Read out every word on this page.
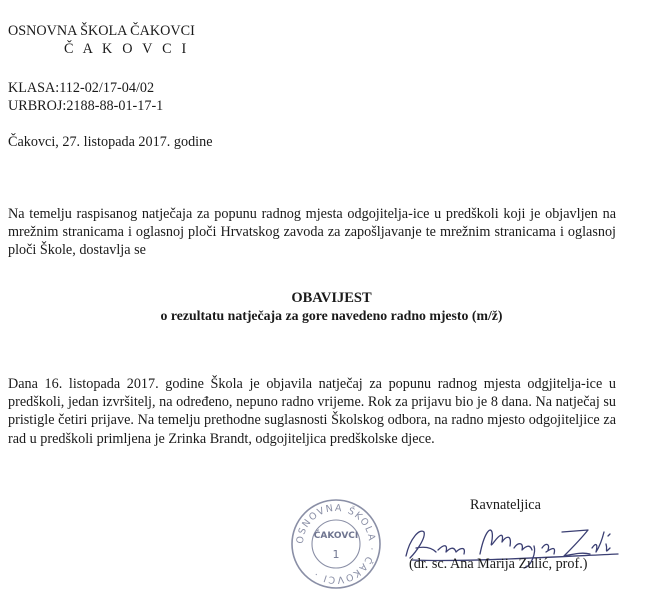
OSNOVNA ŠKOLA ČAKOVCI
Č A K O V C I
KLASA:112-02/17-04/02
URBROJ:2188-88-01-17-1
Čakovci, 27. listopada 2017. godine
Na temelju raspisanog natječaja za popunu radnog mjesta odgojitelja-ice u predškoli koji je objavljen na mrežnim stranicama i oglasnoj ploči Hrvatskog zavoda za zapošljavanje te mrežnim stranicama i oglasnoj ploči Škole, dostavlja se
OBAVIJEST
o rezultatu natječaja za gore navedeno radno mjesto (m/ž)
Dana 16. listopada 2017. godine Škola je objavila natječaj za popunu radnog mjesta odgjitelja-ice u predškoli, jedan izvršitelj, na određeno, nepuno radno vrijeme. Rok za prijavu bio je 8 dana. Na natječaj su pristigle četiri prijave. Na temelju prethodne suglasnosti Školskog odbora, na radno mjesto odgojiteljice za rad u predškoli primljena je Zrinka Brandt, odgojiteljica predškolske djece.
Ravnateljica
OSNOVNA ŠKOLA · ČAKOVCI ·
ČAKOVCI
1
(dr. sc. Ana Marija Zulić, prof.)
